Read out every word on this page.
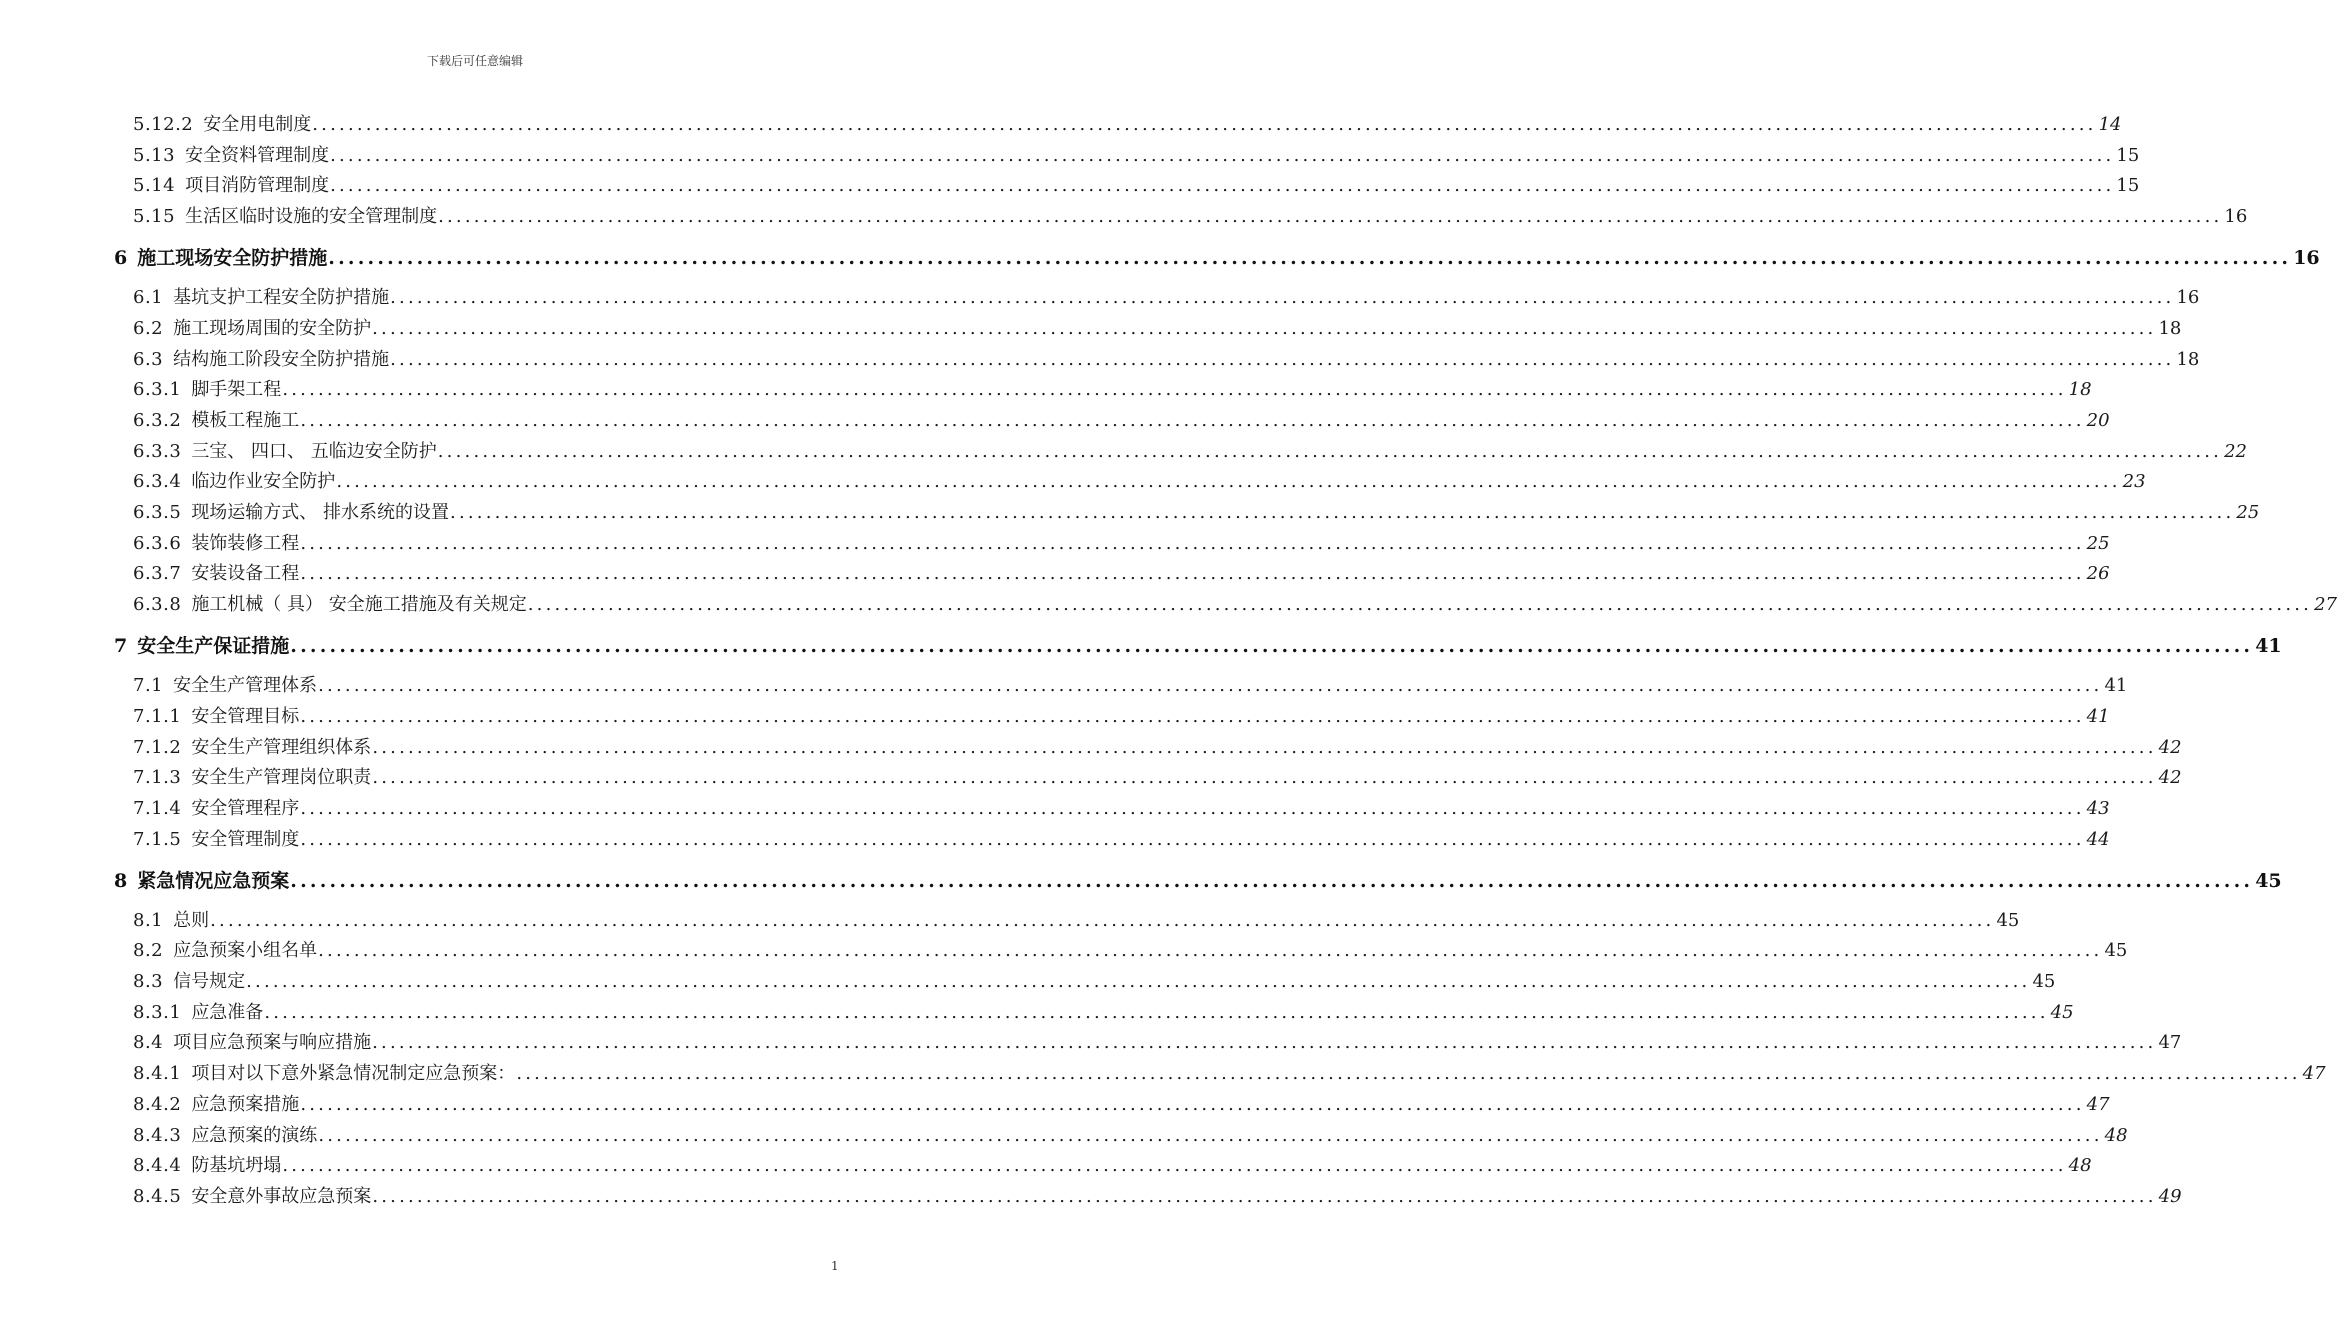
下载后可任意编辑
5.12.2 安全用电制度 ........................................................................................................................................................................................................ 14
5.13 安全资料管理制度 ........................................................................................................................................................................................................ 15
5.14 项目消防管理制度 ........................................................................................................................................................................................................ 15
5.15 生活区临时设施的安全管理制度 ........................................................................................................................................................................................................ 16
6 施工现场安全防护措施 ........................................................................................................................................................................................................ 16
6.1 基坑支护工程安全防护措施 ........................................................................................................................................................................................................ 16
6.2 施工现场周围的安全防护 ........................................................................................................................................................................................................ 18
6.3 结构施工阶段安全防护措施 ........................................................................................................................................................................................................ 18
6.3.1 脚手架工程 ........................................................................................................................................................................................................ 18
6.3.2 模板工程施工 ........................................................................................................................................................................................................ 20
6.3.3 三宝、 四口、 五临边安全防护 ........................................................................................................................................................................................................ 22
6.3.4 临边作业安全防护 ........................................................................................................................................................................................................ 23
6.3.5 现场运输方式、 排水系统的设置 ........................................................................................................................................................................................................ 25
6.3.6 装饰装修工程 ........................................................................................................................................................................................................ 25
6.3.7 安装设备工程 ........................................................................................................................................................................................................ 26
6.3.8 施工机械（ 具） 安全施工措施及有关规定 ........................................................................................................................................................................................................ 27
7 安全生产保证措施 ........................................................................................................................................................................................................ 41
7.1 安全生产管理体系 ........................................................................................................................................................................................................ 41
7.1.1 安全管理目标 ........................................................................................................................................................................................................ 41
7.1.2 安全生产管理组织体系 ........................................................................................................................................................................................................ 42
7.1.3 安全生产管理岗位职责 ........................................................................................................................................................................................................ 42
7.1.4 安全管理程序 ........................................................................................................................................................................................................ 43
7.1.5 安全管理制度 ........................................................................................................................................................................................................ 44
8 紧急情况应急预案 ........................................................................................................................................................................................................ 45
8.1 总则 ........................................................................................................................................................................................................ 45
8.2 应急预案小组名单 ........................................................................................................................................................................................................ 45
8.3 信号规定 ........................................................................................................................................................................................................ 45
8.3.1 应急准备 ........................................................................................................................................................................................................ 45
8.4 项目应急预案与响应措施 ........................................................................................................................................................................................................ 47
8.4.1 项目对以下意外紧急情况制定应急预案： ........................................................................................................................................................................................................ 47
8.4.2 应急预案措施 ........................................................................................................................................................................................................ 47
8.4.3 应急预案的演练 ........................................................................................................................................................................................................ 48
8.4.4 防基坑坍塌 ........................................................................................................................................................................................................ 48
8.4.5 安全意外事故应急预案 ........................................................................................................................................................................................................ 49
1
